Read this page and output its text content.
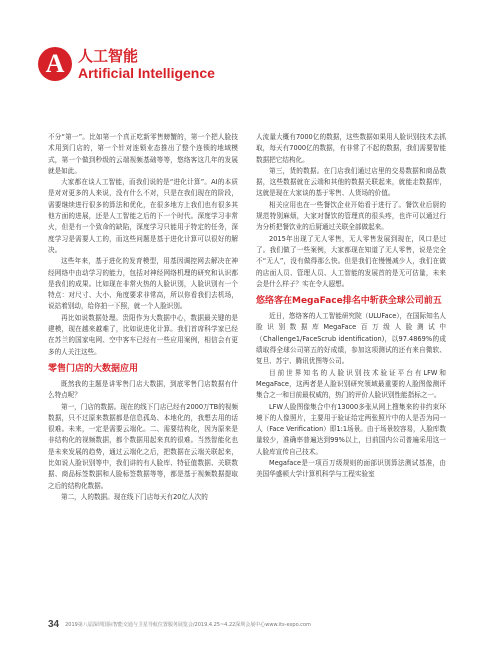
A 人工智能
Artificial Intelligence

不分“第一”。比如第一个真正吃新零售螃蟹的，第一个把人脸技术用到门店的，第一个针对连锁业态推出了整个连锁的地域模式，第一个做到秒级的云端视频基础等等，悠络客这几年的发展就是如此。

大家都在谈人工智能，而我们说的是“进化计算”。AI的本质是对对更多的人来说，没有什么不对，只是在我们现在的阶段，需要继续进行很多的算法和优化，在很多地方上我们也有很多其他方面的进展，还是人工智能之后的下一个时代。深度学习非常火，但是有一个致命的缺陷，深度学习只能用于特定的任务，深度学习是需要人工的，而这些问题是基于进化计算可以很好的解决。

这些年来，基于进化的发育模型，用基因调控网去解决在神经网络中由动学习的能力，包括对神经网络机理的研究和认识都是我们的成果。比如现在非常火热的人脸识别，人脸识别有一个特点：对尺寸、大小、角度要求非常高，所以你看我们去机场，说站着别动，给你拍一下照，就一个人脸识别。

再比如说数据处理。贵阳作为大数据中心，数据最关键的是建模，现在越来越难了，比如说进化计算。我们首席科学家已经在苏兰的国家电网、空中客车已经有一些应用案例，相信会有更多的人关注这些。

零售门店的大数据应用

既然我的主题是讲零售门店大数据，到底零售门店数据有什么特点呢？

第一，门店的数据。现在的线下门店已经有2000万TB的视频数据，只不过原来数据都是信息孤岛、本地化的，我想去用的话很难。未来，一定是需要云端化。二、需要结构化，因为原来是非结构化的视频数据，都个数据用起来真的很难。当然智能化也是未来发展的趋势，通过云端化之后，把数据在云端关联起来，比如说人脸识别等中，我们讲的有人脸库、特征值数据、关联数据、商品标签数据和人脸标签数据等等，都是基于视频数据提取之后的结构化数据。

第二，人的数据。现在线下门店每天有20亿人次的

人流量大概有7000亿的数据，这些数据如果用人脸识别技术去抓取，每天有7000亿的数据，有非常了不起的数据，我们需要智能数据把它结构化。

第三，货的数据。在门店我们通过店里的交易数据和商品数据，这些数据就在云端和其他的数据关联起来，就能走数据库，这就是现在大家谈的基于零售、人货场的价值。

相关应用也在一些餐饮企业开始看于进行了。餐饮业后厨的规范特别麻烦，大家对餐饮的管理真的很头疼，也许可以通过行为分析把餐饮业的后厨通过关联全部做起来。

2015年出现了无人零售，无人零售发展到现在，风口是过了。我们做了一些案例，大家都现在知道了无人零售，说是完全不“无人”，没有做得那么快。但是我们在慢慢减少人，我们在做的店面人员、管理人员、人工智能的发展首的是无可估量，未来会是什么样子？实在令人遐想。

悠络客在MegaFace排名中斩获全球公司前五

近日，悠络客的人工智能研究院（ULUFace），在国际知名人脸识别数据库MegaFace百万级人脸测试中（Challenge1/FaceScrub identification)，以97.4869%的成绩取得全球公司第五的好成绩，参加这项测试的还有来自微软、复旦、苏宁、腾讯优图等公司。

目前世界知名的人脸识别技术验证平台有LFW和MegaFace，这两者是人脸识别研究领域最重要的人脸图像测评集合之一和目前最权威的，热门的评价人脸识别性能指标之一。

LFW人脸图像集合中有13000多张从网上搜集来的非约束环境下的人像照片，主要用于验证给定两张照片中的人是否为同一人（Face Verification）即1:1场景。由于场景较容易，人脸库数量较少，准确率普遍达到99%以上，目前国内公司普遍采用这一人脸库宣传自己技术。

Megaface是一项百万级规则的面部识别算法测试基准，由美国华盛顿大学计算机科学与工程实验室

34 2019第八届深圳国际智能交通与卫星导航位置服务展览会/2019.4.25~4.22深圳会展中心www.its-expo.com
